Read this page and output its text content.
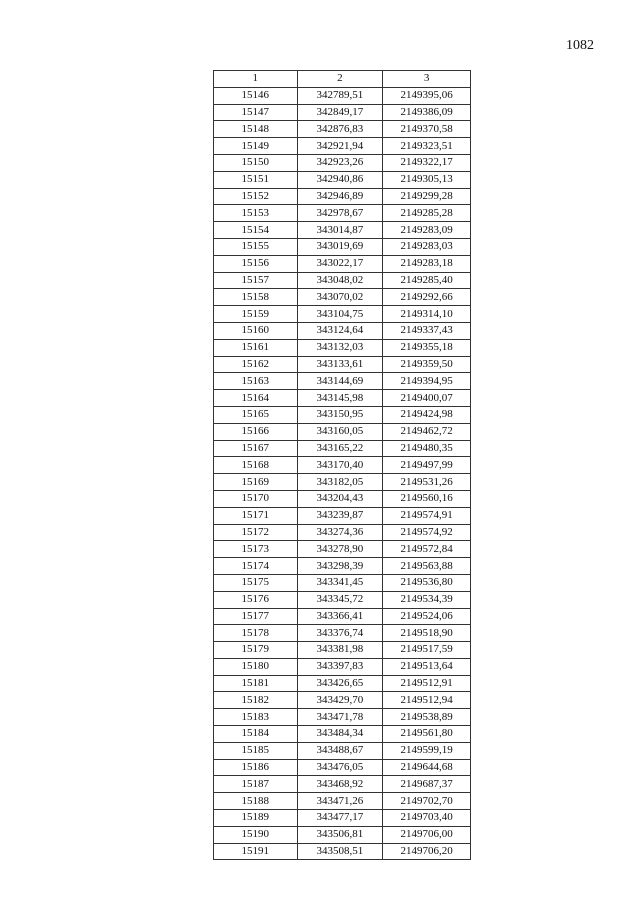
1082
1	2	3
15146	342789,51	2149395,06
15147	342849,17	2149386,09
15148	342876,83	2149370,58
15149	342921,94	2149323,51
15150	342923,26	2149322,17
15151	342940,86	2149305,13
15152	342946,89	2149299,28
15153	342978,67	2149285,28
15154	343014,87	2149283,09
15155	343019,69	2149283,03
15156	343022,17	2149283,18
15157	343048,02	2149285,40
15158	343070,02	2149292,66
15159	343104,75	2149314,10
15160	343124,64	2149337,43
15161	343132,03	2149355,18
15162	343133,61	2149359,50
15163	343144,69	2149394,95
15164	343145,98	2149400,07
15165	343150,95	2149424,98
15166	343160,05	2149462,72
15167	343165,22	2149480,35
15168	343170,40	2149497,99
15169	343182,05	2149531,26
15170	343204,43	2149560,16
15171	343239,87	2149574,91
15172	343274,36	2149574,92
15173	343278,90	2149572,84
15174	343298,39	2149563,88
15175	343341,45	2149536,80
15176	343345,72	2149534,39
15177	343366,41	2149524,06
15178	343376,74	2149518,90
15179	343381,98	2149517,59
15180	343397,83	2149513,64
15181	343426,65	2149512,91
15182	343429,70	2149512,94
15183	343471,78	2149538,89
15184	343484,34	2149561,80
15185	343488,67	2149599,19
15186	343476,05	2149644,68
15187	343468,92	2149687,37
15188	343471,26	2149702,70
15189	343477,17	2149703,40
15190	343506,81	2149706,00
15191	343508,51	2149706,20
